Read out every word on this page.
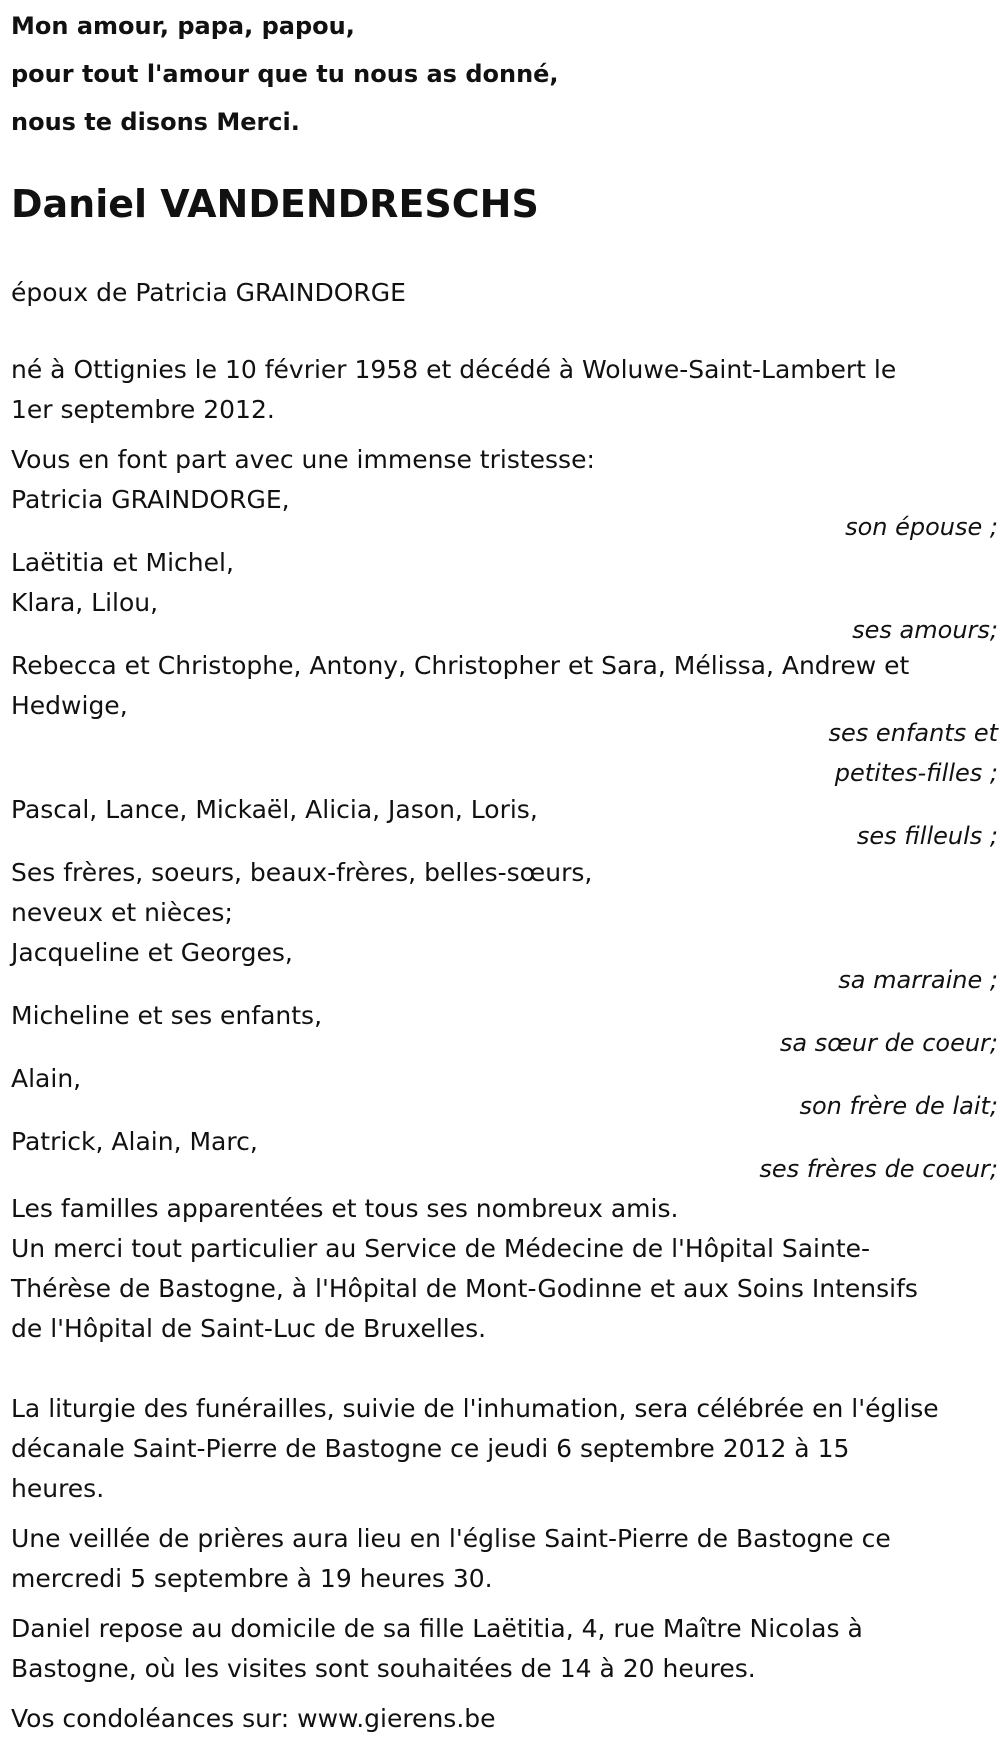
Mon amour, papa, papou,
pour tout l'amour que tu nous as donné,
nous te disons Merci.
Daniel VANDENDRESCHS
époux de Patricia GRAINDORGE
né à Ottignies le 10 février 1958 et décédé à Woluwe-Saint-Lambert le
1er septembre 2012.
Vous en font part avec une immense tristesse:
Patricia GRAINDORGE,
son épouse ;
Laëtitia et Michel,
Klara, Lilou,
ses amours;
Rebecca et Christophe, Antony, Christopher et Sara, Mélissa, Andrew et
Hedwige,
ses enfants et
petites-filles ;
Pascal, Lance, Mickaël, Alicia, Jason, Loris,
ses filleuls ;
Ses frères, soeurs, beaux-frères, belles-sœurs,
neveux et nièces;
Jacqueline et Georges,
sa marraine ;
Micheline et ses enfants,
sa sœur de coeur;
Alain,
son frère de lait;
Patrick, Alain, Marc,
ses frères de coeur;
Les familles apparentées et tous ses nombreux amis.
Un merci tout particulier au Service de Médecine de l'Hôpital Sainte-
Thérèse de Bastogne, à l'Hôpital de Mont-Godinne et aux Soins Intensifs
de l'Hôpital de Saint-Luc de Bruxelles.
La liturgie des funérailles, suivie de l'inhumation, sera célébrée en l'église
décanale Saint-Pierre de Bastogne ce jeudi 6 septembre 2012 à 15
heures.
Une veillée de prières aura lieu en l'église Saint-Pierre de Bastogne ce
mercredi 5 septembre à 19 heures 30.
Daniel repose au domicile de sa fille Laëtitia, 4, rue Maître Nicolas à
Bastogne, où les visites sont souhaitées de 14 à 20 heures.
Vos condoléances sur: www.gierens.be
